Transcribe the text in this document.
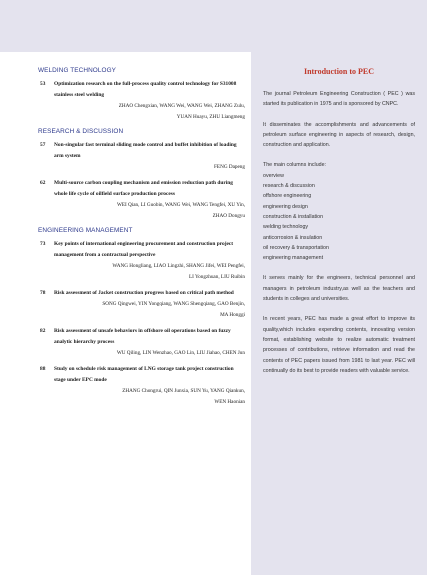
WELDING TECHNOLOGY
53	Optimization research on the full-process quality control technology for S31008 stainless steel welding
ZHAO Chengxian, WANG Wei, WANG Wei, ZHANG Zulu,
YUAN Huayu, ZHU Liangmeng
RESEARCH & DISCUSSION
57	Non-singular fast terminal sliding mode control and buffet inhibition of loading arm system
FENG Dapeng
62	Multi-source carbon coupling mechanism and emission reduction path during whole life cycle of oilfield surface production process
WEI Qian, LI Guobin, WANG Wei, WANG Tengfei, XU Yin,
ZHAO Dongyu
ENGINEERING MANAGEMENT
73	Key points of international engineering procurement and construction project management from a contractual perspective
WANG Hongliang, LIAO Lingzhi, SHANG Jifei, WEI Pengfei,
LI Yongzhuan, LIU Ruibin
78	Risk assessment of Jacket construction progress based on critical path method
SONG Qingwei, YIN Yongqiang, WANG Shengqiang, GAO Benjin,
MA Honggi
82	Risk assessment of unsafe behaviors in offshore oil operations based on fuzzy analytic hierarchy process
WU Qiling, LIN Wenzhao, GAO Lin, LIU Jiahao, CHEN Jun
88	Study on schedule risk management of LNG storage tank project construction stage under EPC mode
ZHANG Chongrui, QIN Junxia, SUN Yu, YANG Qiankun,
WEN Haonian
Introduction to PEC

The journal Petroleum Engineering Construction ( PEC ) was started its publication in 1975 and is sponsored by CNPC.

It disseminates the accomplishments and advancements of petroleum surface engineering in aspects of research, design, construction and application.

The main columns include:

overview
research & discussion
offshore engineering
engineering design
construction & installation
welding technology
anticorrosion & insulation
oil recovery & transportation
engineering management

It serves mainly for the engineers, technical personnel and managers in petroleum industry,as well as the teachers and students in colleges and universities.

In recent years, PEC has made a great effort to improve its quality,which includes expending contents, innovating version format, establishing website to realize automatic treatment processes of contributions, retrieve information and read the contents of PEC papers issued from 1981 to last year. PEC will continually do its best to provide readers with valuable service.
